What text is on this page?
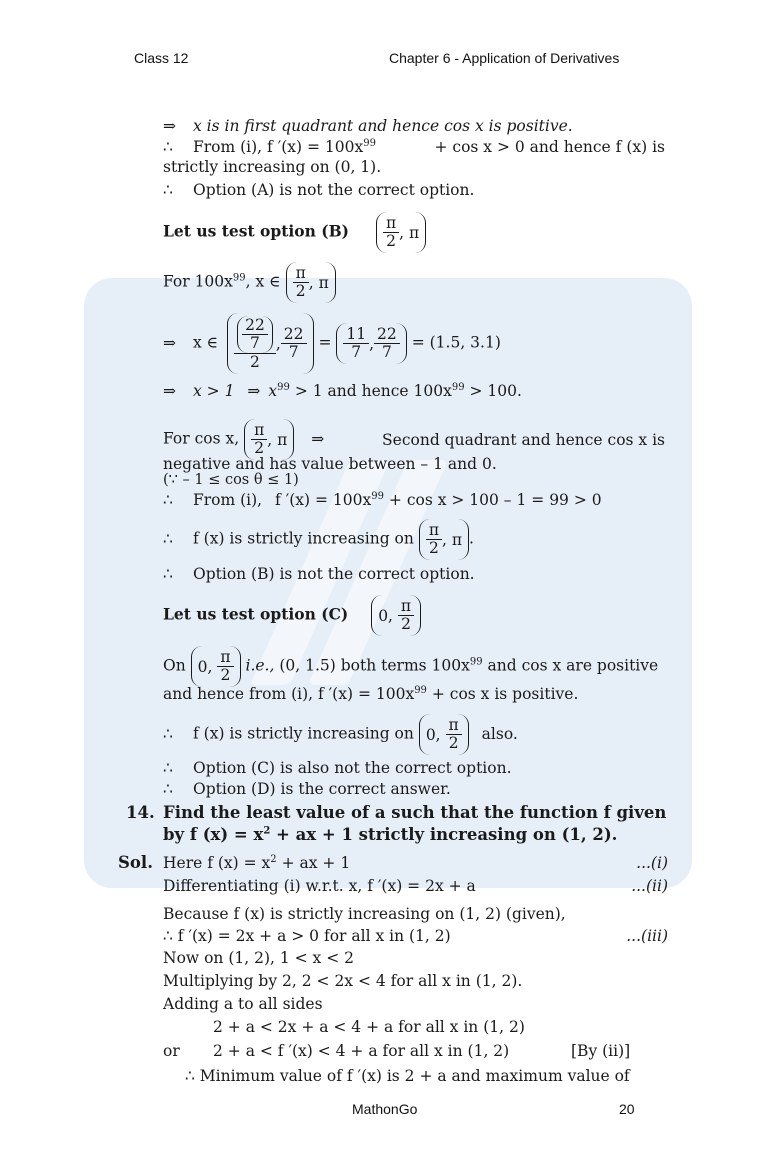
Class 12	Chapter 6 - Application of Derivatives
⇒ x is in first quadrant and hence cos x is positive.
∴ From (i), f $'(x) = 100x^{99}$	+ cos x > 0 and hence f (x) is
strictly increasing on (0, 1).
∴ Option (A) is not the correct option.
Let us test option (B) π
2 , π
For $100x^{99}$, x ∈ π
2 , π
⇒ x ∈
22
7
2
,
22
7
= 11
7 ,
22
7
= (1.5, 3.1)
⇒ x > 1 ⇒ $x^{99} > 1$ and hence $100x^{99} > 100$.
For cos x, π
2 , π ⇒	Second quadrant and hence cos x is
negative and has value between – 1 and 0.
(∵ – 1 ≤ cos θ ≤ 1)
∴ From (i), f $'(x) = 100x^{99} + \cos x > 100 - 1 = 99 > 0$
∴ f (x) is strictly increasing on π
2 , π .
∴ Option (B) is not the correct option.
Let us test option (C) 0,

π
2
On 0,

π
2
i.e., (0, 1.5) both terms $100x^{99}$ and cos x are positive
and hence from (i), f $'(x) = 100x^{99} + \cos x$ is positive.
∴ f (x) is strictly increasing on 0,

π
2
also.
∴ Option (C) is also not the correct option.
∴ Option (D) is the correct answer.
14. Find the least value of a such that the function f given
by f $(x) = x^2$ + ax + 1 strictly increasing on (1, 2).
Sol. Here f $(x) = x^2$ + ax + 1	...(i)
Differentiating (i) w.r.t. x, f ′(x) = 2x + a	...(ii)
Because f (x) is strictly increasing on (1, 2) (given),
∴ f ′(x) = 2x + a > 0 for all x in (1, 2)	...(iii)
Now on (1, 2), 1 < x < 2
Multiplying by 2, 2 < 2x < 4 for all x in (1, 2).
Adding a to all sides
2 + a < 2x + a < 4 + a for all x in (1, 2)
or 2 + a < f ′(x) < 4 + a for all x in (1, 2)	[By (ii)]
∴ Minimum value of f ′(x) is 2 + a and maximum value of
MathonGo	20
